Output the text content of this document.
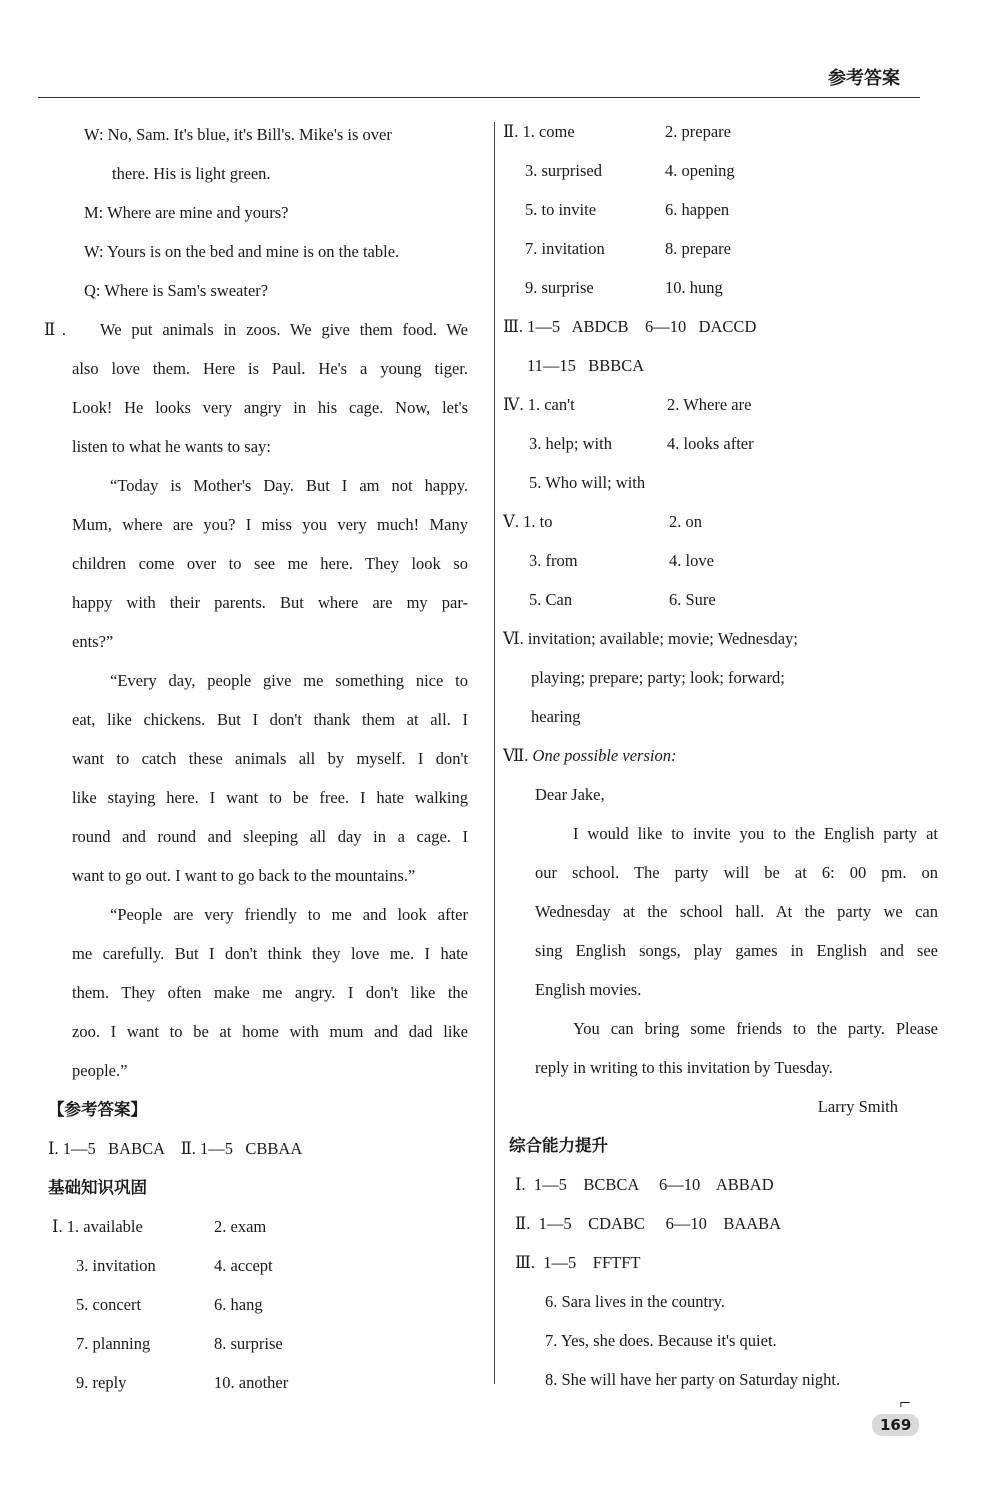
参考答案
W: No, Sam. It's blue, it's Bill's. Mike's is over
there. His is light green.
M: Where are mine and yours?
W: Yours is on the bed and mine is on the table.
Q: Where is Sam's sweater?
Ⅱ. We put animals in zoos. We give them food. We
also love them. Here is Paul. He's a young tiger.
Look! He looks very angry in his cage. Now, let's
listen to what he wants to say:
“Today is Mother's Day. But I am not happy.
Mum, where are you? I miss you very much! Many
children come over to see me here. They look so
happy with their parents. But where are my par-
ents?”
“Every day, people give me something nice to
eat, like chickens. But I don't thank them at all. I
want to catch these animals all by myself. I don't
like staying here. I want to be free. I hate walking
round and round and sleeping all day in a cage. I
want to go out. I want to go back to the mountains.”
“People are very friendly to me and look after
me carefully. But I don't think they love me. I hate
them. They often make me angry. I don't like the
zoo. I want to be at home with mum and dad like
people.”
【参考答案】
Ⅰ. 1—5   BABCA    Ⅱ. 1—5   CBBAA
基础知识巩固
Ⅰ. 1. available	2. exam
3. invitation	4. accept
5. concert	6. hang
7. planning	8. surprise
9. reply	10. another
Ⅱ. 1. come	2. prepare
3. surprised	4. opening
5. to invite	6. happen
7. invitation	8. prepare
9. surprise	10. hung
Ⅲ. 1—5   ABDCB    6—10   DACCD
11—15   BBBCA
Ⅳ. 1. can't	2. Where are
3. help; with	4. looks after
5. Who will; with
Ⅴ. 1. to	2. on
3. from	4. love
5. Can	6. Sure
Ⅵ. invitation; available; movie; Wednesday;
playing; prepare; party; look; forward;
hearing
Ⅶ. One possible version:
Dear Jake,
I would like to invite you to the English party at
our school. The party will be at 6: 00 pm. on
Wednesday at the school hall. At the party we can
sing English songs, play games in English and see
English movies.
You can bring some friends to the party. Please
reply in writing to this invitation by Tuesday.
Larry Smith
综合能力提升
Ⅰ.  1—5    BCBCA     6—10    ABBAD
Ⅱ.  1—5    CDABC     6—10    BAABA
Ⅲ.  1—5    FFTFT
6. Sara lives in the country.
7. Yes, she does. Because it's quiet.
8. She will have her party on Saturday night.
⌐
169
